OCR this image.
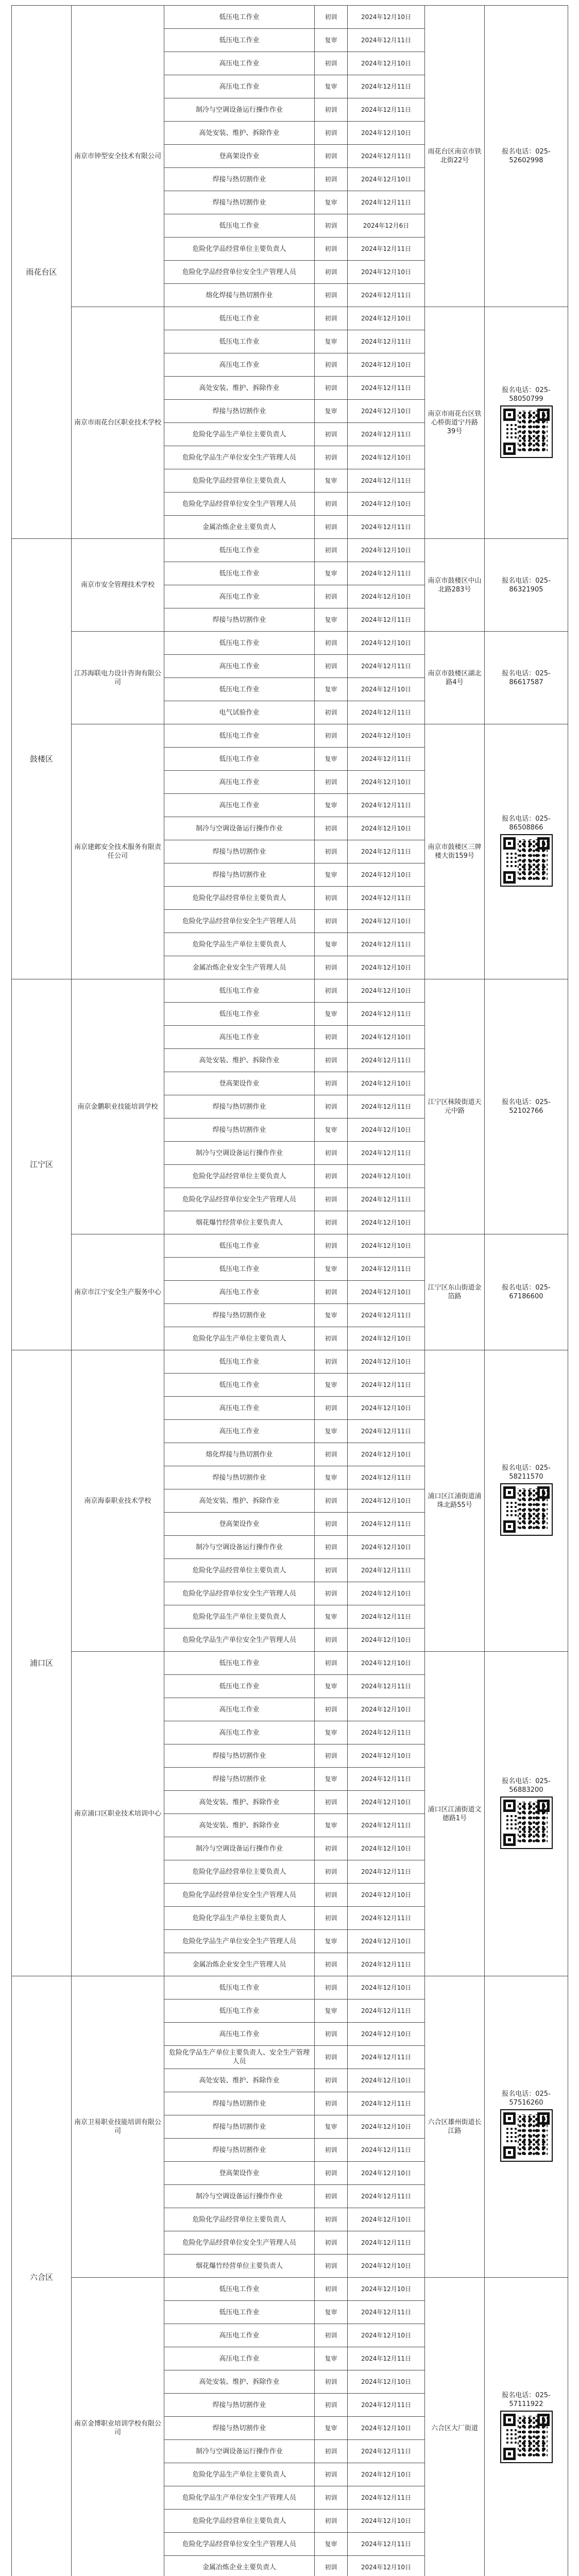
雨花台区	南京市钟型安全技术有限公司	低压电工作业	初训	2024年12月10日	雨花台区南京市铁北街22号	报名电话：025-52602998

		低压电工作业	复审	2024年12月11日		
		高压电工作业	初训	2024年12月10日		
		高压电工作业	复审	2024年12月11日		
		制冷与空调设备运行操作作业	初训	2024年12月11日		
		高处安装、维护、拆除作业	初训	2024年12月10日		
		登高架设作业	初训	2024年12月11日		
		焊接与热切割作业	初训	2024年12月10日		
		焊接与热切割作业	复审	2024年12月11日		
		低压电工作业	初训	2024年12月6日		
		危险化学品经营单位主要负责人	初训	2024年12月11日		
		危险化学品经营单位安全生产管理人员	初训	2024年12月10日		
		熔化焊接与热切割作业	初训	2024年12月11日		
	南京市雨花台区职业技术学校	低压电工作业	初训	2024年12月10日	南京市雨花台区铁心桥街道宁丹路39号	报名电话：025-58050799

		低压电工作业	复审	2024年12月11日		
		高压电工作业	初训	2024年12月10日		
		高处安装、维护、拆除作业	初训	2024年12月11日		
		焊接与热切割作业	复审	2024年12月10日		
		危险化学品生产单位主要负责人	初训	2024年12月11日		
		危险化学品生产单位安全生产管理人员	初训	2024年12月10日		
		危险化学品经营单位主要负责人	复审	2024年12月11日		
		危险化学品经营单位安全生产管理人员	初训	2024年12月10日		
		金属冶炼企业主要负责人	初训	2024年12月11日		
鼓楼区	南京市安全管理技术学校	低压电工作业	初训	2024年12月10日	南京市鼓楼区中山北路283号	报名电话：025-86321905

		低压电工作业	复审	2024年12月11日		
		高压电工作业	初训	2024年12月10日		
		焊接与热切割作业	复审	2024年12月11日		
	江苏海联电力设计咨询有限公司	低压电工作业	初训	2024年12月10日	南京市鼓楼区湖北路4号	报名电话：025-86617587

		高压电工作业	初训	2024年12月11日		
		低压电工作业	复审	2024年12月10日		
		电气试验作业	初训	2024年12月11日		
	南京建邺安全技术服务有限责任公司	低压电工作业	初训	2024年12月10日	南京市鼓楼区三牌楼大街159号	报名电话：025-86508866

		低压电工作业	复审	2024年12月11日		
		高压电工作业	初训	2024年12月10日		
		高压电工作业	复审	2024年12月11日		
		制冷与空调设备运行操作作业	初训	2024年12月10日		
		焊接与热切割作业	初训	2024年12月11日		
		焊接与热切割作业	复审	2024年12月10日		
		危险化学品经营单位主要负责人	初训	2024年12月11日		
		危险化学品经营单位安全生产管理人员	初训	2024年12月10日		
		危险化学品生产单位主要负责人	复审	2024年12月11日		
		金属冶炼企业安全生产管理人员	初训	2024年12月10日		
江宁区	南京金鹏职业技能培训学校	低压电工作业	初训	2024年12月10日	江宁区秣陵街道天元中路	报名电话：025-52102766

		低压电工作业	复审	2024年12月11日		
		高压电工作业	初训	2024年12月10日		
		高处安装、维护、拆除作业	初训	2024年12月11日		
		登高架设作业	初训	2024年12月10日		
		焊接与热切割作业	初训	2024年12月11日		
		焊接与热切割作业	复审	2024年12月10日		
		制冷与空调设备运行操作作业	初训	2024年12月11日		
		危险化学品经营单位主要负责人	初训	2024年12月10日		
		危险化学品经营单位安全生产管理人员	初训	2024年12月11日		
		烟花爆竹经营单位主要负责人	初训	2024年12月10日		
	南京市江宁安全生产服务中心	低压电工作业	初训	2024年12月10日	江宁区东山街道金箔路	报名电话：025-67186600

		低压电工作业	复审	2024年12月11日		
		高压电工作业	初训	2024年12月10日		
		焊接与热切割作业	复审	2024年12月11日		
		危险化学品生产单位主要负责人	初训	2024年12月10日		
浦口区	南京海泰职业技术学校	低压电工作业	初训	2024年12月10日	浦口区江浦街道浦珠北路55号	报名电话：025-58211570

		低压电工作业	复审	2024年12月11日		
		高压电工作业	初训	2024年12月10日		
		高压电工作业	复审	2024年12月11日		
		熔化焊接与热切割作业	初训	2024年12月10日		
		焊接与热切割作业	复审	2024年12月11日		
		高处安装、维护、拆除作业	初训	2024年12月10日		
		登高架设作业	初训	2024年12月11日		
		制冷与空调设备运行操作作业	初训	2024年12月10日		
		危险化学品经营单位主要负责人	初训	2024年12月11日		
		危险化学品经营单位安全生产管理人员	初训	2024年12月10日		
		危险化学品生产单位主要负责人	复审	2024年12月11日		
		危险化学品生产单位安全生产管理人员	初训	2024年12月10日		
	南京浦口区职业技术培训中心	低压电工作业	初训	2024年12月10日	浦口区江浦街道文德路1号	报名电话：025-56883200

		低压电工作业	复审	2024年12月11日		
		高压电工作业	初训	2024年12月10日		
		高压电工作业	复审	2024年12月11日		
		焊接与热切割作业	初训	2024年12月10日		
		焊接与热切割作业	复审	2024年12月11日		
		高处安装、维护、拆除作业	初训	2024年12月10日		
		高处安装、维护、拆除作业	复审	2024年12月11日		
		制冷与空调设备运行操作作业	初训	2024年12月10日		
		危险化学品经营单位主要负责人	初训	2024年12月11日		
		危险化学品经营单位安全生产管理人员	初训	2024年12月10日		
		危险化学品生产单位主要负责人	初训	2024年12月11日		
		危险化学品生产单位安全生产管理人员	复审	2024年12月10日		
		金属冶炼企业安全生产管理人员	初训	2024年12月11日		
六合区	南京卫易职业技能培训有限公司	低压电工作业	初训	2024年12月10日	六合区雄州街道长江路	报名电话：025-57516260

		低压电工作业	复审	2024年12月11日		
		高压电工作业	初训	2024年12月10日		
		危险化学品生产单位主要负责人、安全生产管理人员	初训	2024年12月11日		
		高处安装、维护、拆除作业	初训	2024年12月10日		
		焊接与热切割作业	初训	2024年12月11日		
		焊接与热切割作业	复审	2024年12月10日		
		焊接与热切割作业	初训	2024年12月11日		
		登高架设作业	初训	2024年12月10日		
		制冷与空调设备运行操作作业	初训	2024年12月11日		
		危险化学品经营单位主要负责人	初训	2024年12月10日		
		危险化学品经营单位安全生产管理人员	初训	2024年12月11日		
		烟花爆竹经营单位主要负责人	初训	2024年12月10日		
	南京金博职业培训学校有限公司	低压电工作业	初训	2024年12月10日	六合区大厂街道	报名电话：025-57111922

		低压电工作业	复审	2024年12月11日		
		高压电工作业	初训	2024年12月10日		
		高压电工作业	复审	2024年12月11日		
		高处安装、维护、拆除作业	初训	2024年12月10日		
		焊接与热切割作业	初训	2024年12月11日		
		焊接与热切割作业	复审	2024年12月10日		
		制冷与空调设备运行操作作业	初训	2024年12月11日		
		危险化学品生产单位主要负责人	初训	2024年12月10日		
		危险化学品生产单位安全生产管理人员	初训	2024年12月11日		
		危险化学品经营单位主要负责人	初训	2024年12月10日		
		危险化学品经营单位安全生产管理人员	复审	2024年12月11日		
		金属冶炼企业主要负责人	初训	2024年12月10日		
